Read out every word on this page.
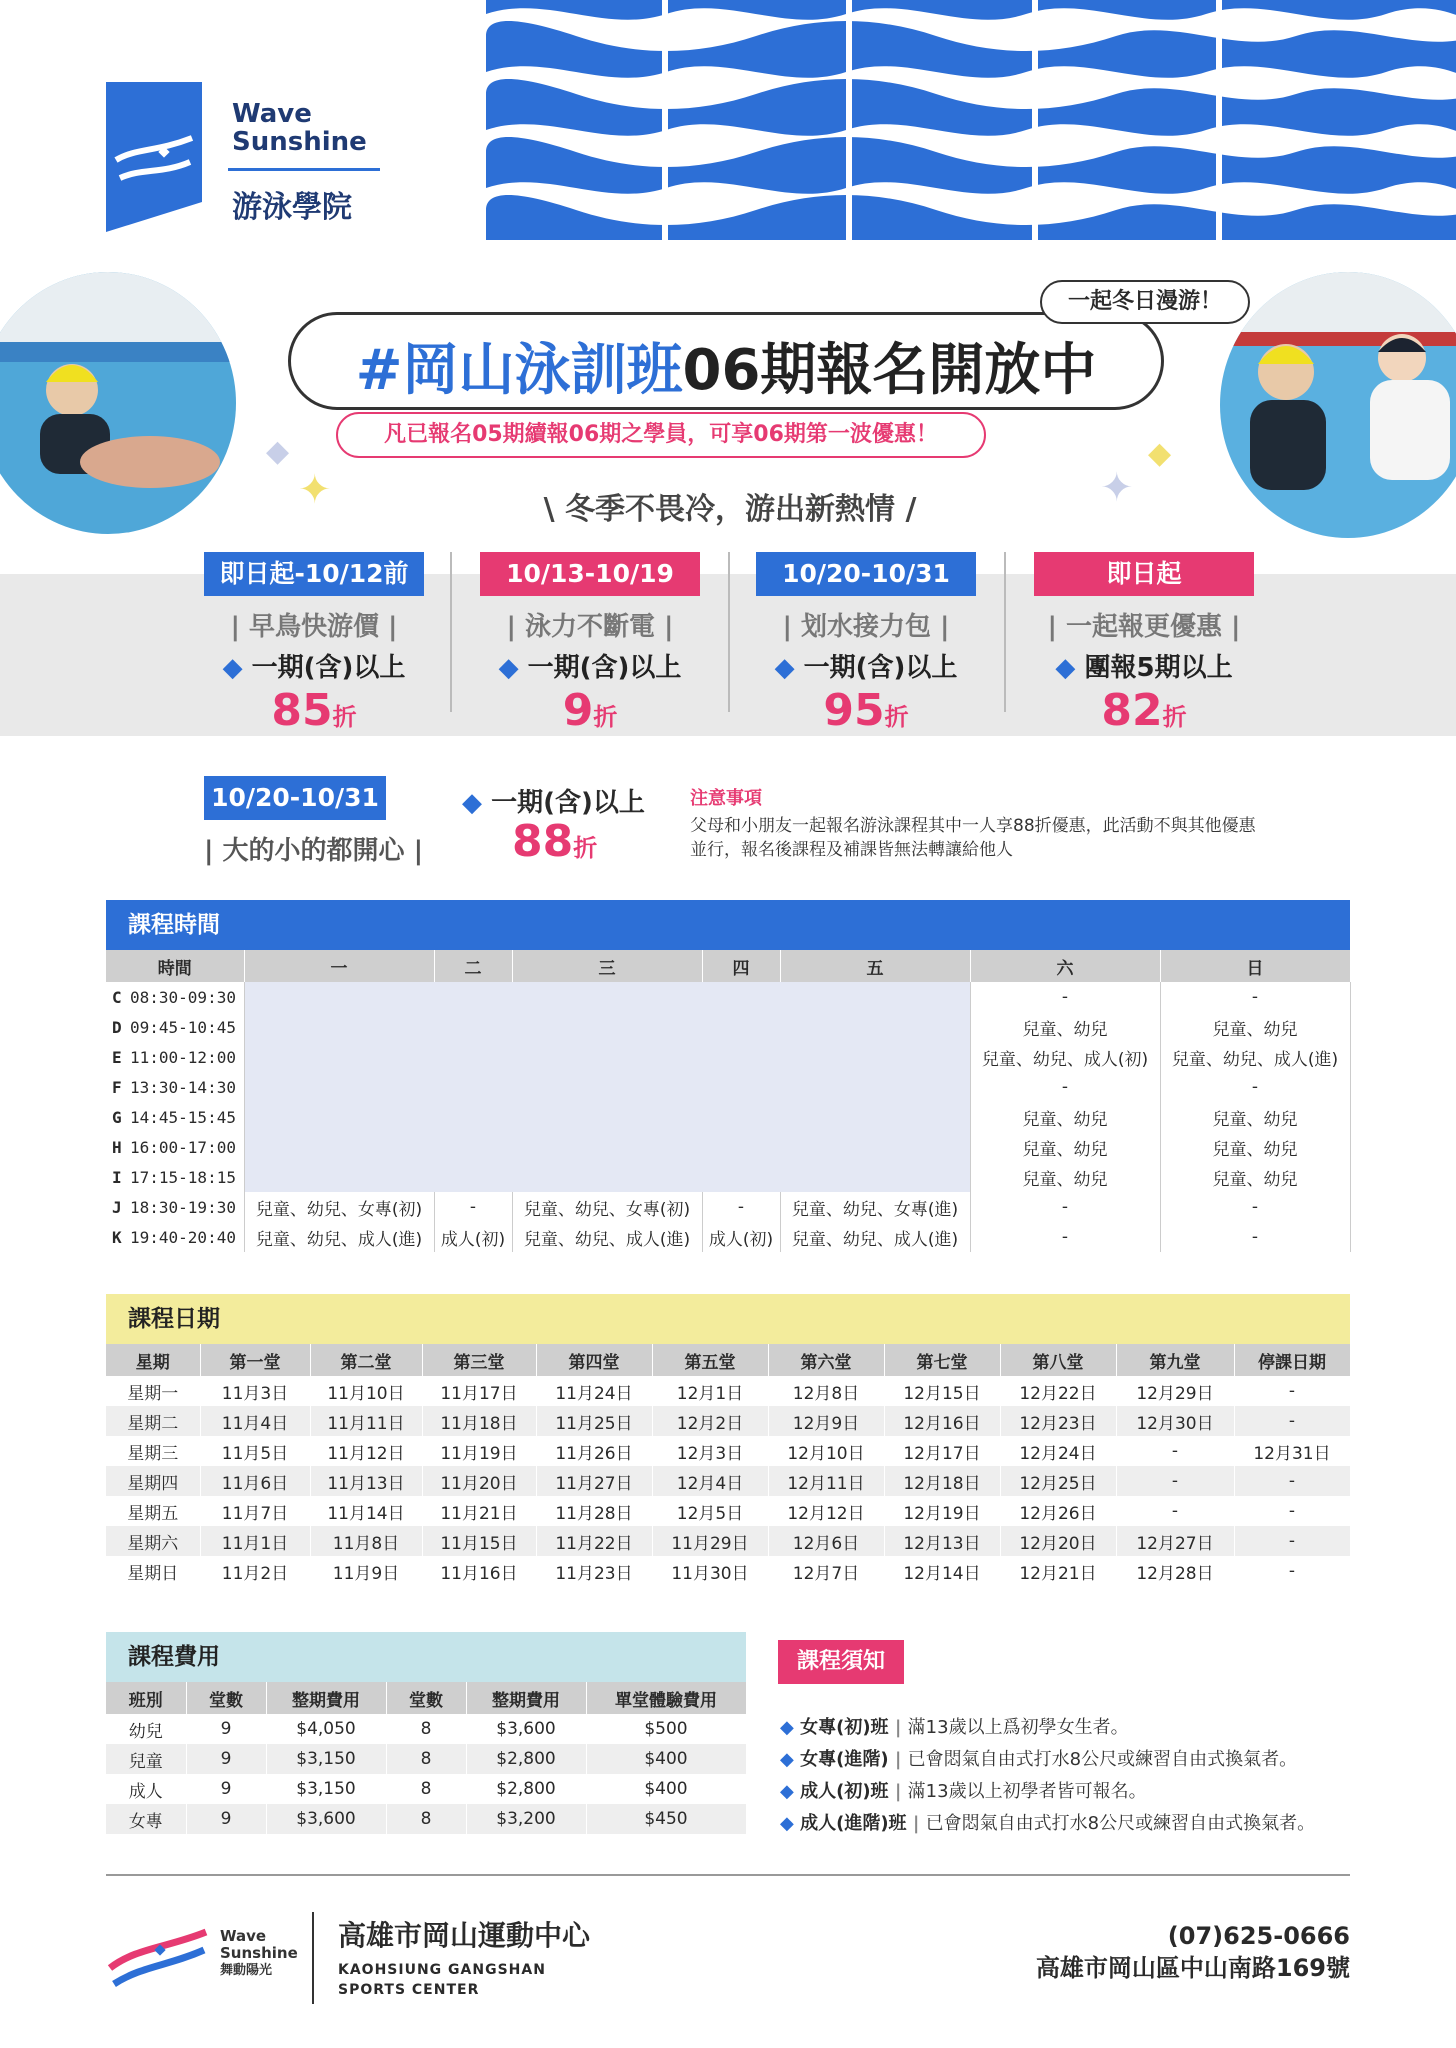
Wave
Sunshine
游泳學院
#岡山泳訓班06期報名開放中
一起冬日漫游！
凡已報名05期續報06期之學員，可享06期第一波優惠！
◆
✦
◆
✦
\ 冬季不畏冷，游出新熱情 /
即日起-10/12前
| 早鳥快游價 |
◆ 一期(含)以上
85折
10/13-10/19
| 泳力不斷電 |
◆ 一期(含)以上
9折
10/20-10/31
| 划水接力包 |
◆ 一期(含)以上
95折
即日起
| 一起報更優惠 |
◆ 團報5期以上
82折
10/20-10/31
| 大的小的都開心 |
◆ 一期(含)以上
88折
注意事項
父母和小朋友一起報名游泳課程其中一人享88折優惠，此活動不與其他優惠並行，報名後課程及補課皆無法轉讓給他人
課程時間
時間	一	二	三	四	五	六	日
C 08:30-09:30						-	-
D 09:45-10:45						兒童、幼兒	兒童、幼兒
E 11:00-12:00						兒童、幼兒、成人(初)	兒童、幼兒、成人(進)
F 13:30-14:30						-	-
G 14:45-15:45						兒童、幼兒	兒童、幼兒
H 16:00-17:00						兒童、幼兒	兒童、幼兒
I 17:15-18:15						兒童、幼兒	兒童、幼兒
J 18:30-19:30	兒童、幼兒、女專(初)	-	兒童、幼兒、女專(初)	-	兒童、幼兒、女專(進)	-	-
K 19:40-20:40	兒童、幼兒、成人(進)	成人(初)	兒童、幼兒、成人(進)	成人(初)	兒童、幼兒、成人(進)	-	-
課程日期
星期	第一堂	第二堂	第三堂	第四堂	第五堂	第六堂	第七堂	第八堂	第九堂	停課日期
星期一	11月3日	11月10日	11月17日	11月24日	12月1日	12月8日	12月15日	12月22日	12月29日	-
星期二	11月4日	11月11日	11月18日	11月25日	12月2日	12月9日	12月16日	12月23日	12月30日	-
星期三	11月5日	11月12日	11月19日	11月26日	12月3日	12月10日	12月17日	12月24日	-	12月31日
星期四	11月6日	11月13日	11月20日	11月27日	12月4日	12月11日	12月18日	12月25日	-	-
星期五	11月7日	11月14日	11月21日	11月28日	12月5日	12月12日	12月19日	12月26日	-	-
星期六	11月1日	11月8日	11月15日	11月22日	11月29日	12月6日	12月13日	12月20日	12月27日	-
星期日	11月2日	11月9日	11月16日	11月23日	11月30日	12月7日	12月14日	12月21日	12月28日	-
課程費用
班別	堂數	整期費用	堂數	整期費用	單堂體驗費用
幼兒	9	$4,050	8	$3,600	$500
兒童	9	$3,150	8	$2,800	$400
成人	9	$3,150	8	$2,800	$400
女專	9	$3,600	8	$3,200	$450
課程須知
◆ 女專(初)班 | 滿13歲以上爲初學女生者。
◆ 女專(進階) | 已會悶氣自由式打水8公尺或練習自由式換氣者。
◆ 成人(初)班 | 滿13歲以上初學者皆可報名。
◆ 成人(進階)班 | 已會悶氣自由式打水8公尺或練習自由式換氣者。
Wave
Sunshine
舞動陽光
高雄市岡山運動中心
KAOHSIUNG GANGSHAN
SPORTS CENTER
(07)625-0666
高雄市岡山區中山南路169號
